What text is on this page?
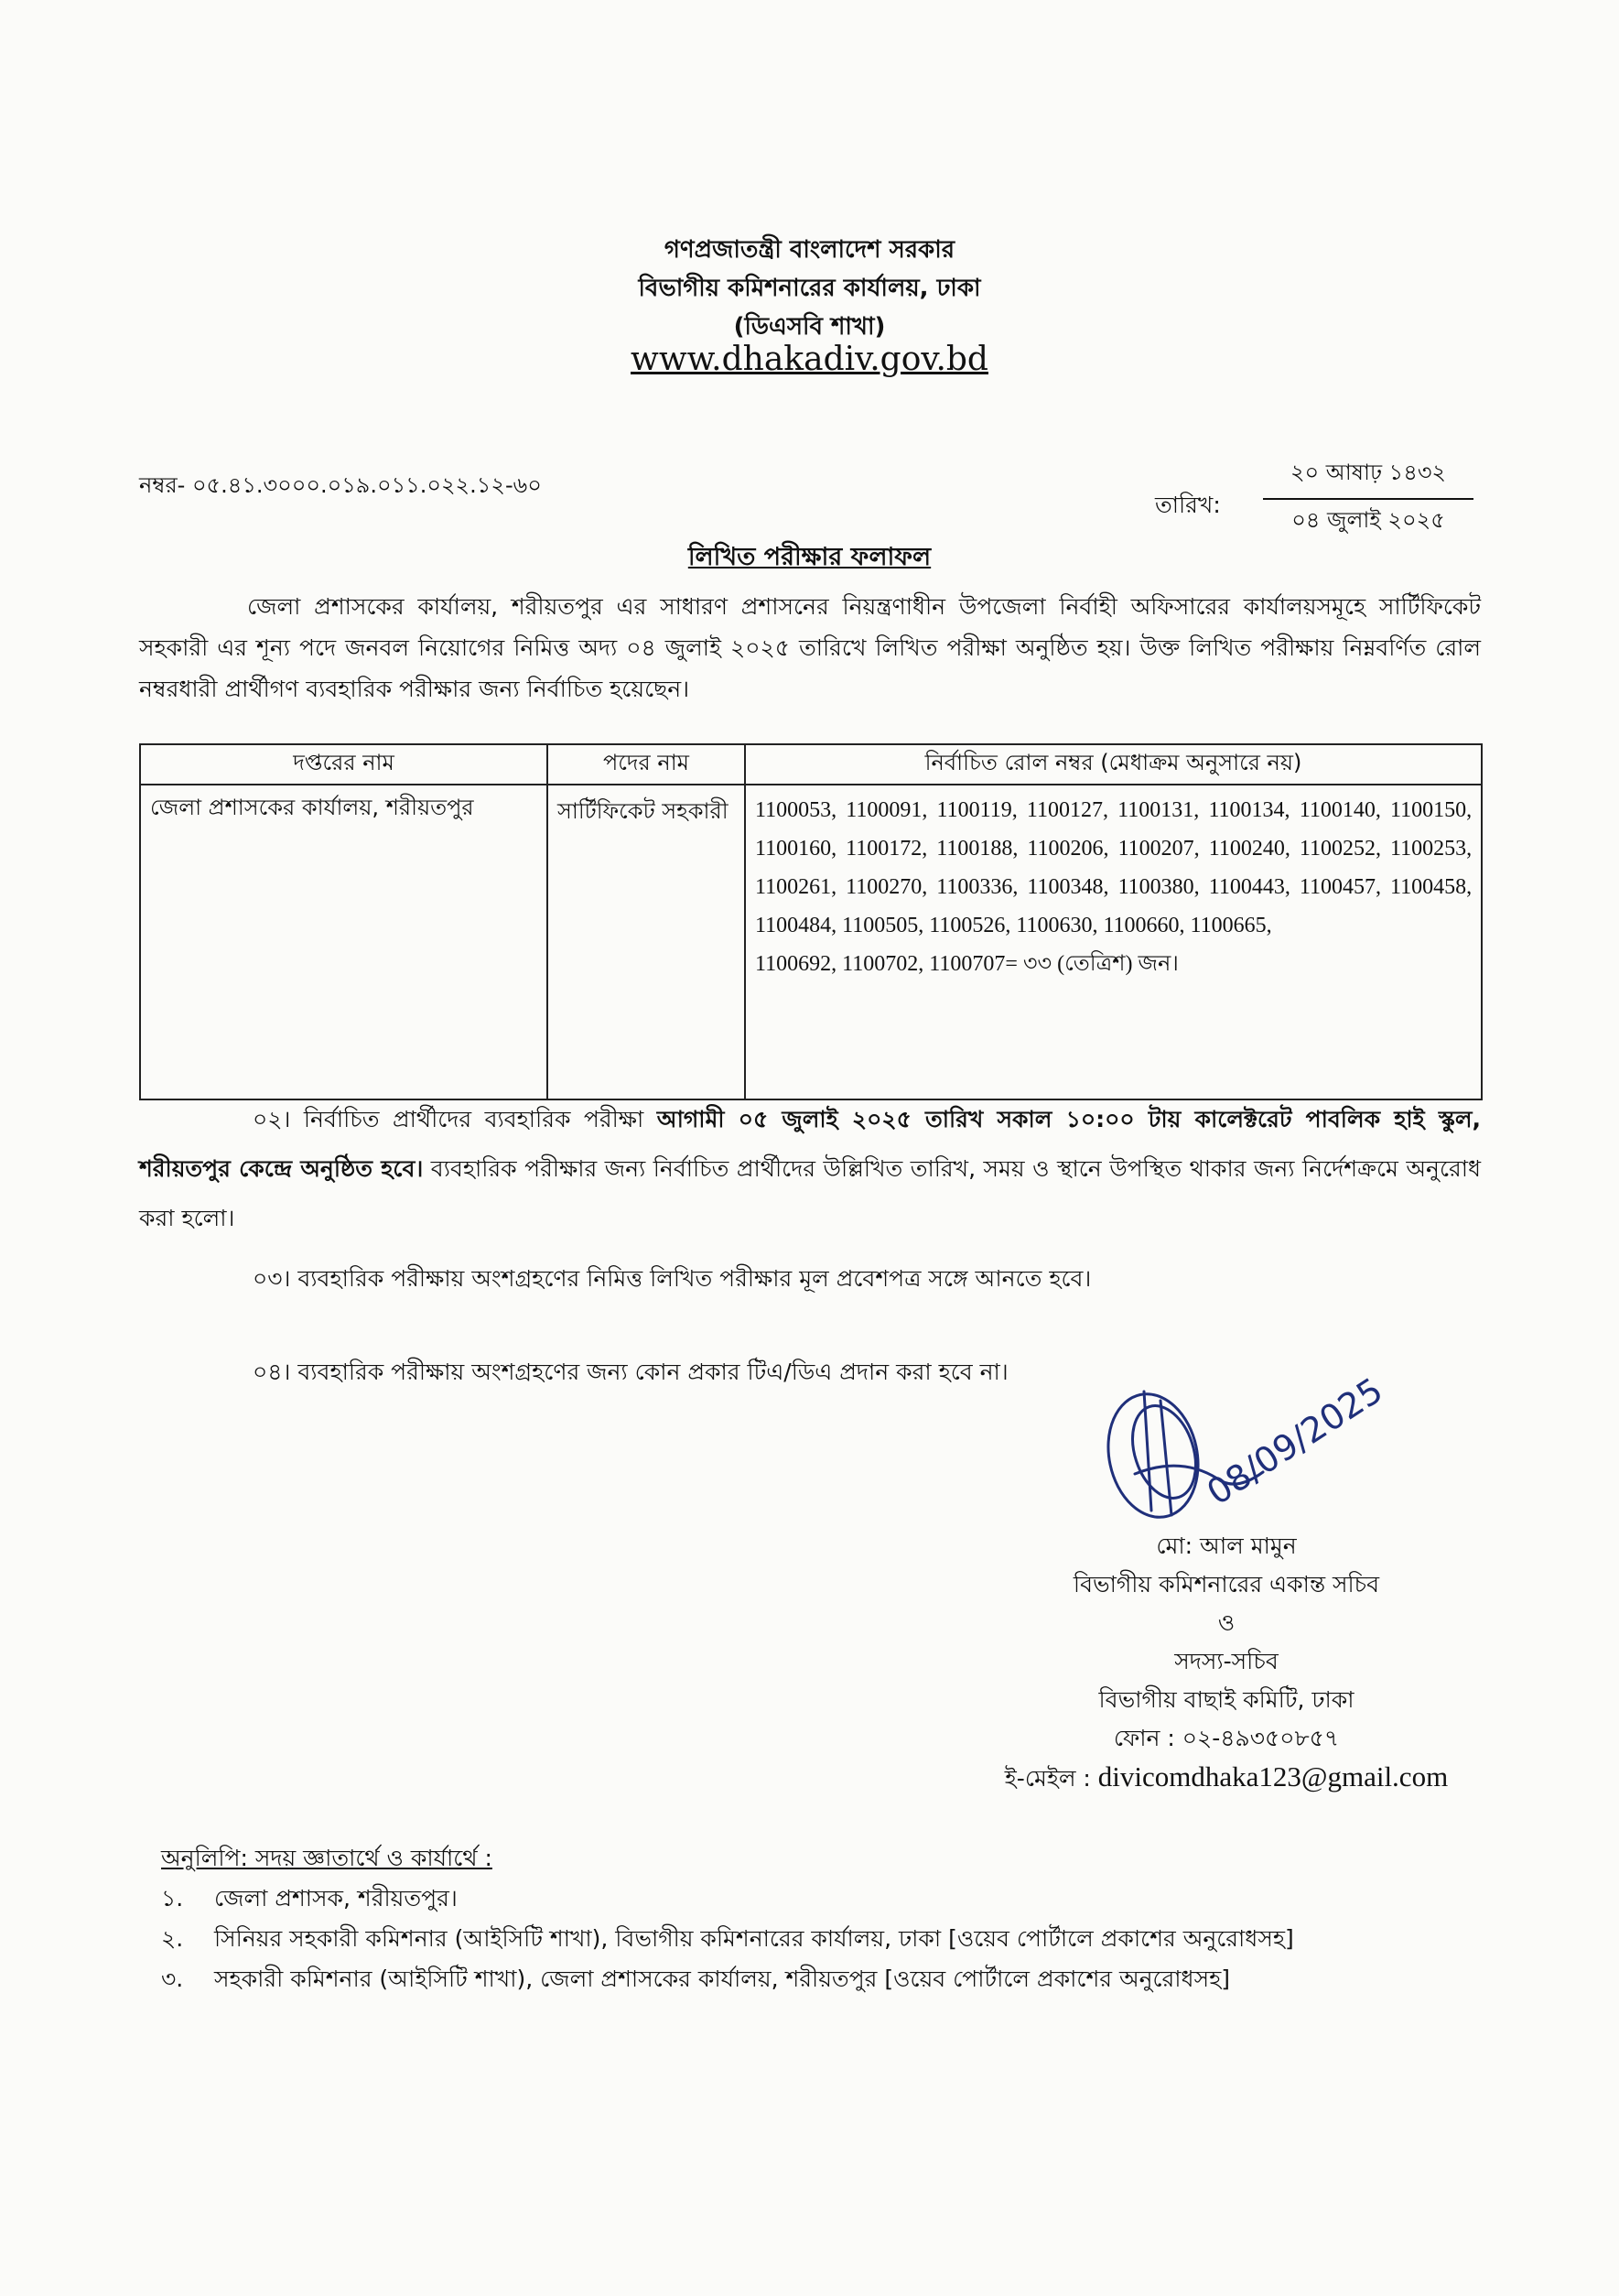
গণপ্রজাতন্ত্রী বাংলাদেশ সরকার
বিভাগীয় কমিশনারের কার্যালয়, ঢাকা
(ডিএসবি শাখা)
www.dhakadiv.gov.bd
নম্বর- ০৫.৪১.৩০০০.০১৯.০১১.০২২.১২-৬০
তারিখ:
২০ আষাঢ় ১৪৩২
০৪ জুলাই ২০২৫
লিখিত পরীক্ষার ফলাফল
জেলা প্রশাসকের কার্যালয়, শরীয়তপুর এর সাধারণ প্রশাসনের নিয়ন্ত্রণাধীন উপজেলা নির্বাহী অফিসারের কার্যালয়সমূহে সার্টিফিকেট সহকারী এর শূন্য পদে জনবল নিয়োগের নিমিত্ত অদ্য ০৪ জুলাই ২০২৫ তারিখে লিখিত পরীক্ষা অনুষ্ঠিত হয়। উক্ত লিখিত পরীক্ষায় নিম্নবর্ণিত রোল নম্বরধারী প্রার্থীগণ ব্যবহারিক পরীক্ষার জন্য নির্বাচিত হয়েছেন।
দপ্তরের নাম	পদের নাম	নির্বাচিত রোল নম্বর (মেধাক্রম অনুসারে নয়)
জেলা প্রশাসকের কার্যালয়, শরীয়তপুর	সার্টিফিকেট সহকারী	1100053, 1100091, 1100119, 1100127, 1100131, 1100134, 1100140, 1100150, 1100160, 1100172, 1100188, 1100206, 1100207, 1100240, 1100252, 1100253, 1100261, 1100270, 1100336, 1100348, 1100380, 1100443, 1100457, 1100458, 1100484, 1100505, 1100526, 1100630, 1100660, 1100665,
1100692, 1100702, 1100707= ৩৩ (তেত্রিশ) জন।
০২। নির্বাচিত প্রার্থীদের ব্যবহারিক পরীক্ষা আগামী ০৫ জুলাই ২০২৫ তারিখ সকাল ১০:০০ টায় কালেক্টরেট পাবলিক হাই স্কুল, শরীয়তপুর কেন্দ্রে অনুষ্ঠিত হবে। ব্যবহারিক পরীক্ষার জন্য নির্বাচিত প্রার্থীদের উল্লিখিত তারিখ, সময় ও স্থানে উপস্থিত থাকার জন্য নির্দেশক্রমে অনুরোধ করা হলো।
০৩। ব্যবহারিক পরীক্ষায় অংশগ্রহণের নিমিত্ত লিখিত পরীক্ষার মূল প্রবেশপত্র সঙ্গে আনতে হবে।
০৪। ব্যবহারিক পরীক্ষায় অংশগ্রহণের জন্য কোন প্রকার টিএ/ডিএ প্রদান করা হবে না।	08/09/2025
মো: আল মামুন
বিভাগীয় কমিশনারের একান্ত সচিব
ও
সদস্য-সচিব
বিভাগীয় বাছাই কমিটি, ঢাকা
ফোন : ০২-৪৯৩৫০৮৫৭
ই-মেইল : divicomdhaka123@gmail.com
অনুলিপি: সদয় জ্ঞাতার্থে ও কার্যার্থে :
১. জেলা প্রশাসক, শরীয়তপুর।
২. সিনিয়র সহকারী কমিশনার (আইসিটি শাখা), বিভাগীয় কমিশনারের কার্যালয়, ঢাকা [ওয়েব পোর্টালে প্রকাশের অনুরোধসহ]
৩. সহকারী কমিশনার (আইসিটি শাখা), জেলা প্রশাসকের কার্যালয়, শরীয়তপুর [ওয়েব পোর্টালে প্রকাশের অনুরোধসহ]
